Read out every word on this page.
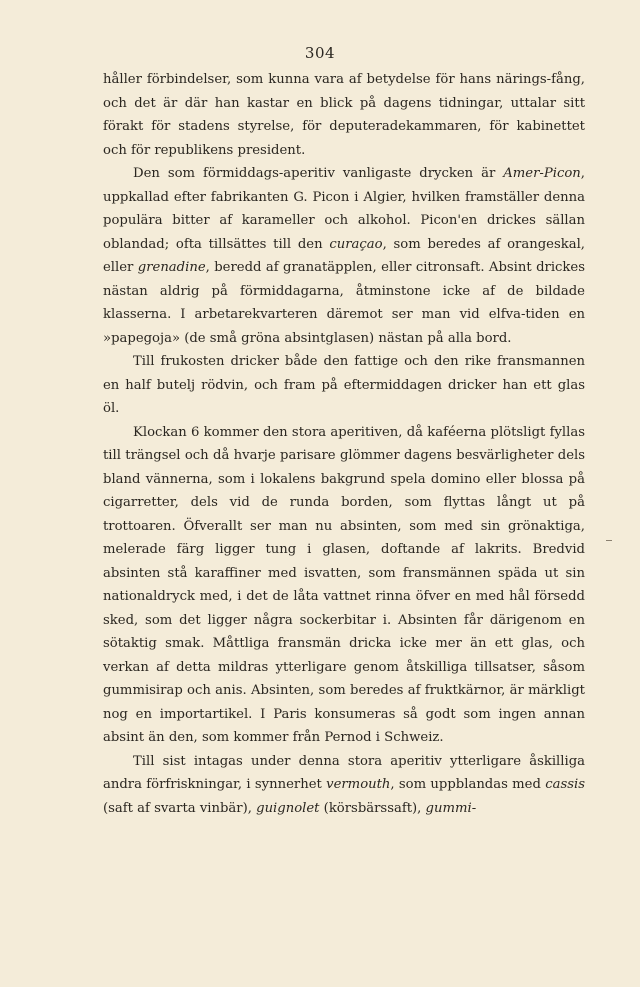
304

håller förbindelser, som kunna vara af betydelse för hans närings-fång, och det är där han kastar en blick på dagens tidningar, uttalar sitt förakt för stadens styrelse, för deputeradekammaren, för kabinettet och för republikens president.

Den som förmiddags-aperitiv vanligaste drycken är Amer-Picon, uppkallad efter fabrikanten G. Picon i Algier, hvilken framställer denna populära bitter af karameller och alkohol. Picon'en drickes sällan oblandad; ofta tillsättes till den curaçao, som beredes af orangeskal, eller grenadine, beredd af granatäpplen, eller citronsaft. Absint drickes nästan aldrig på förmiddagarna, åtminstone icke af de bildade klasserna. I arbetarekvarteren däremot ser man vid elfva-tiden en »papegoja» (de små gröna absintglasen) nästan på alla bord.

Till frukosten dricker både den fattige och den rike fransmannen en half butelj rödvin, och fram på eftermiddagen dricker han ett glas öl.

Klockan 6 kommer den stora aperitiven, då kaféerna plötsligt fyllas till trängsel och då hvarje parisare glömmer dagens besvärligheter dels bland vännerna, som i lokalens bakgrund spela domino eller blossa på cigarretter, dels vid de runda borden, som flyttas långt ut på trottoaren. Öfverallt ser man nu absinten, som med sin grönaktiga, melerade färg ligger tung i glasen, doftande af lakrits. Bredvid absinten stå karaffiner med isvatten, som fransmännen späda ut sin nationaldryck med, i det de låta vattnet rinna öfver en med hål försedd sked, som det ligger några sockerbitar i. Absinten får därigenom en sötaktig smak. Måttliga fransmän dricka icke mer än ett glas, och verkan af detta mildras ytterligare genom åtskilliga tillsatser, såsom gummisirap och anis. Absinten, som beredes af fruktkärnor, är märkligt nog en importartikel. I Paris konsumeras så godt som ingen annan absint än den, som kommer från Pernod i Schweiz.

Till sist intagas under denna stora aperitiv ytterligare åskilliga andra förfriskningar, i synnerhet vermouth, som uppblandas med cassis (saft af svarta vinbär), guignolet (körsbärssaft), gummi-
